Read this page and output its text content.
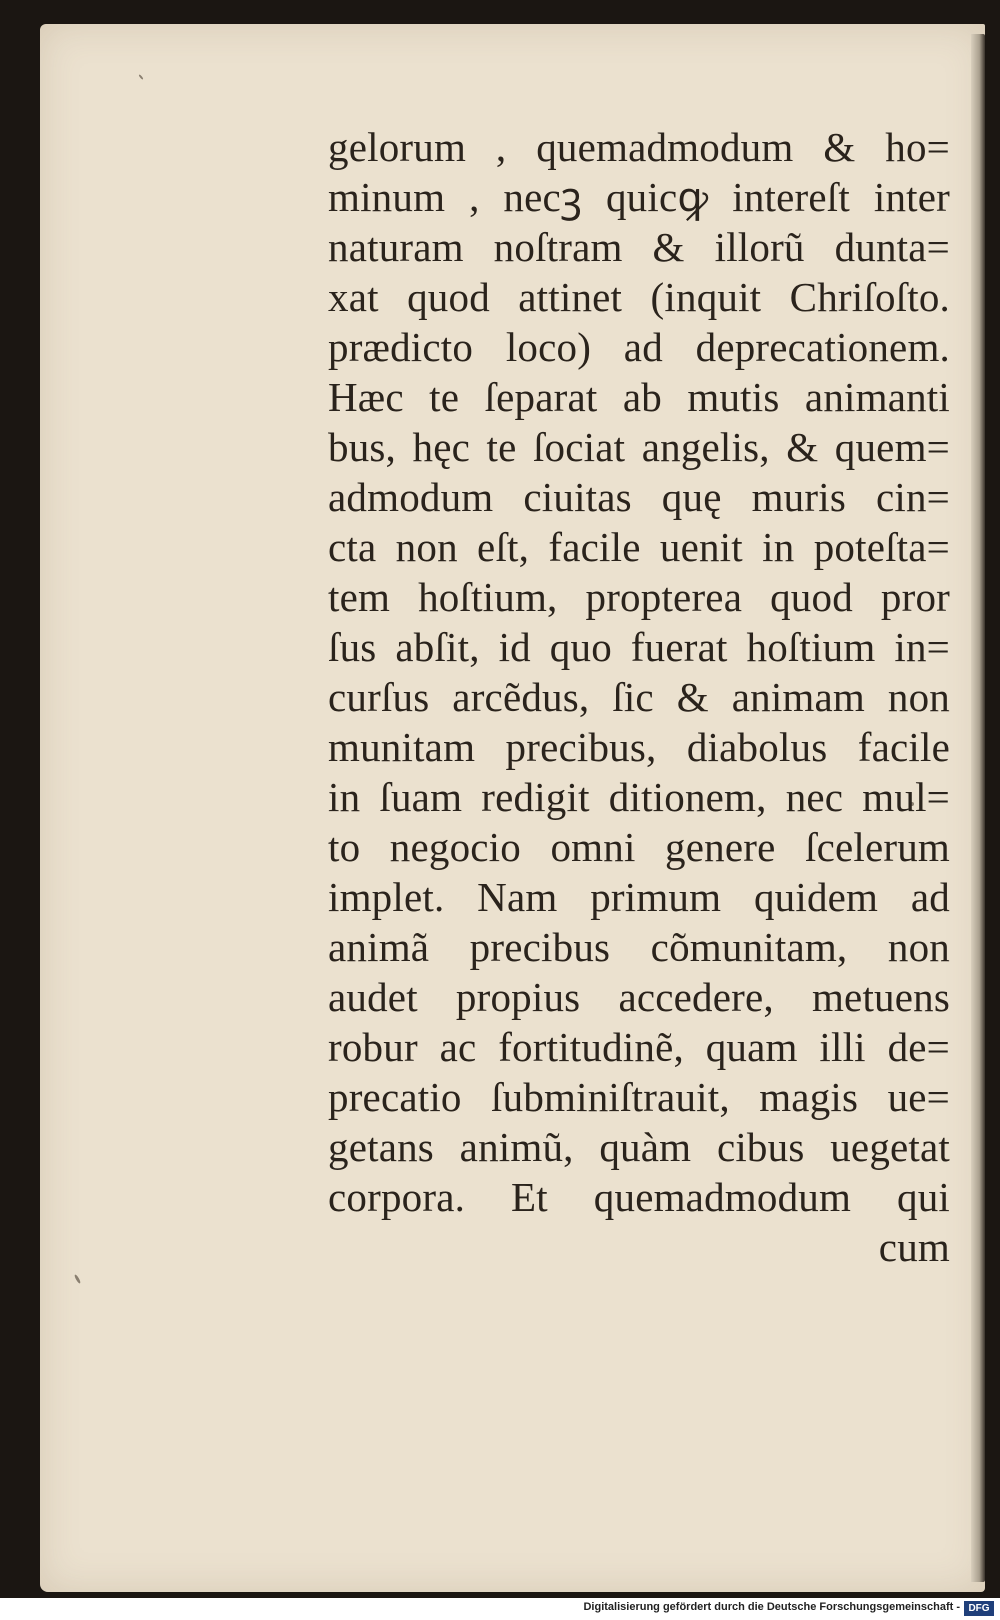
gelorum , quemadmodum & ho=
minum , necꝫ quicꝙ intereſt inter
naturam noſtram & illorũ dunta=
xat quod attinet (inquit Chriſoſto.
prædicto loco) ad deprecationem.
Hæc te ſeparat ab mutis animanti
bus, hęc te ſociat angelis, & quem=
admodum ciuitas quę muris cin=
cta non eſt, facile uenit in poteſta=
tem hoſtium, propterea quod pror
ſus abſit, id quo fuerat hoſtium in=
curſus arcẽdus, ſic & animam non
munitam precibus, diabolus facile
in ſuam redigit ditionem, nec mul=
to negocio omni genere ſcelerum
implet. Nam primum quidem ad
animã precibus cõmunitam, non
audet propius accedere, metuens
robur ac fortitudinẽ, quam illi de=
precatio ſubminiſtrauit, magis ue=
getans animũ, quàm cibus uegetat
corpora. Et quemadmodum qui
cum
Digitalisierung gefördert durch die Deutsche Forschungsgemeinschaft - DFG
